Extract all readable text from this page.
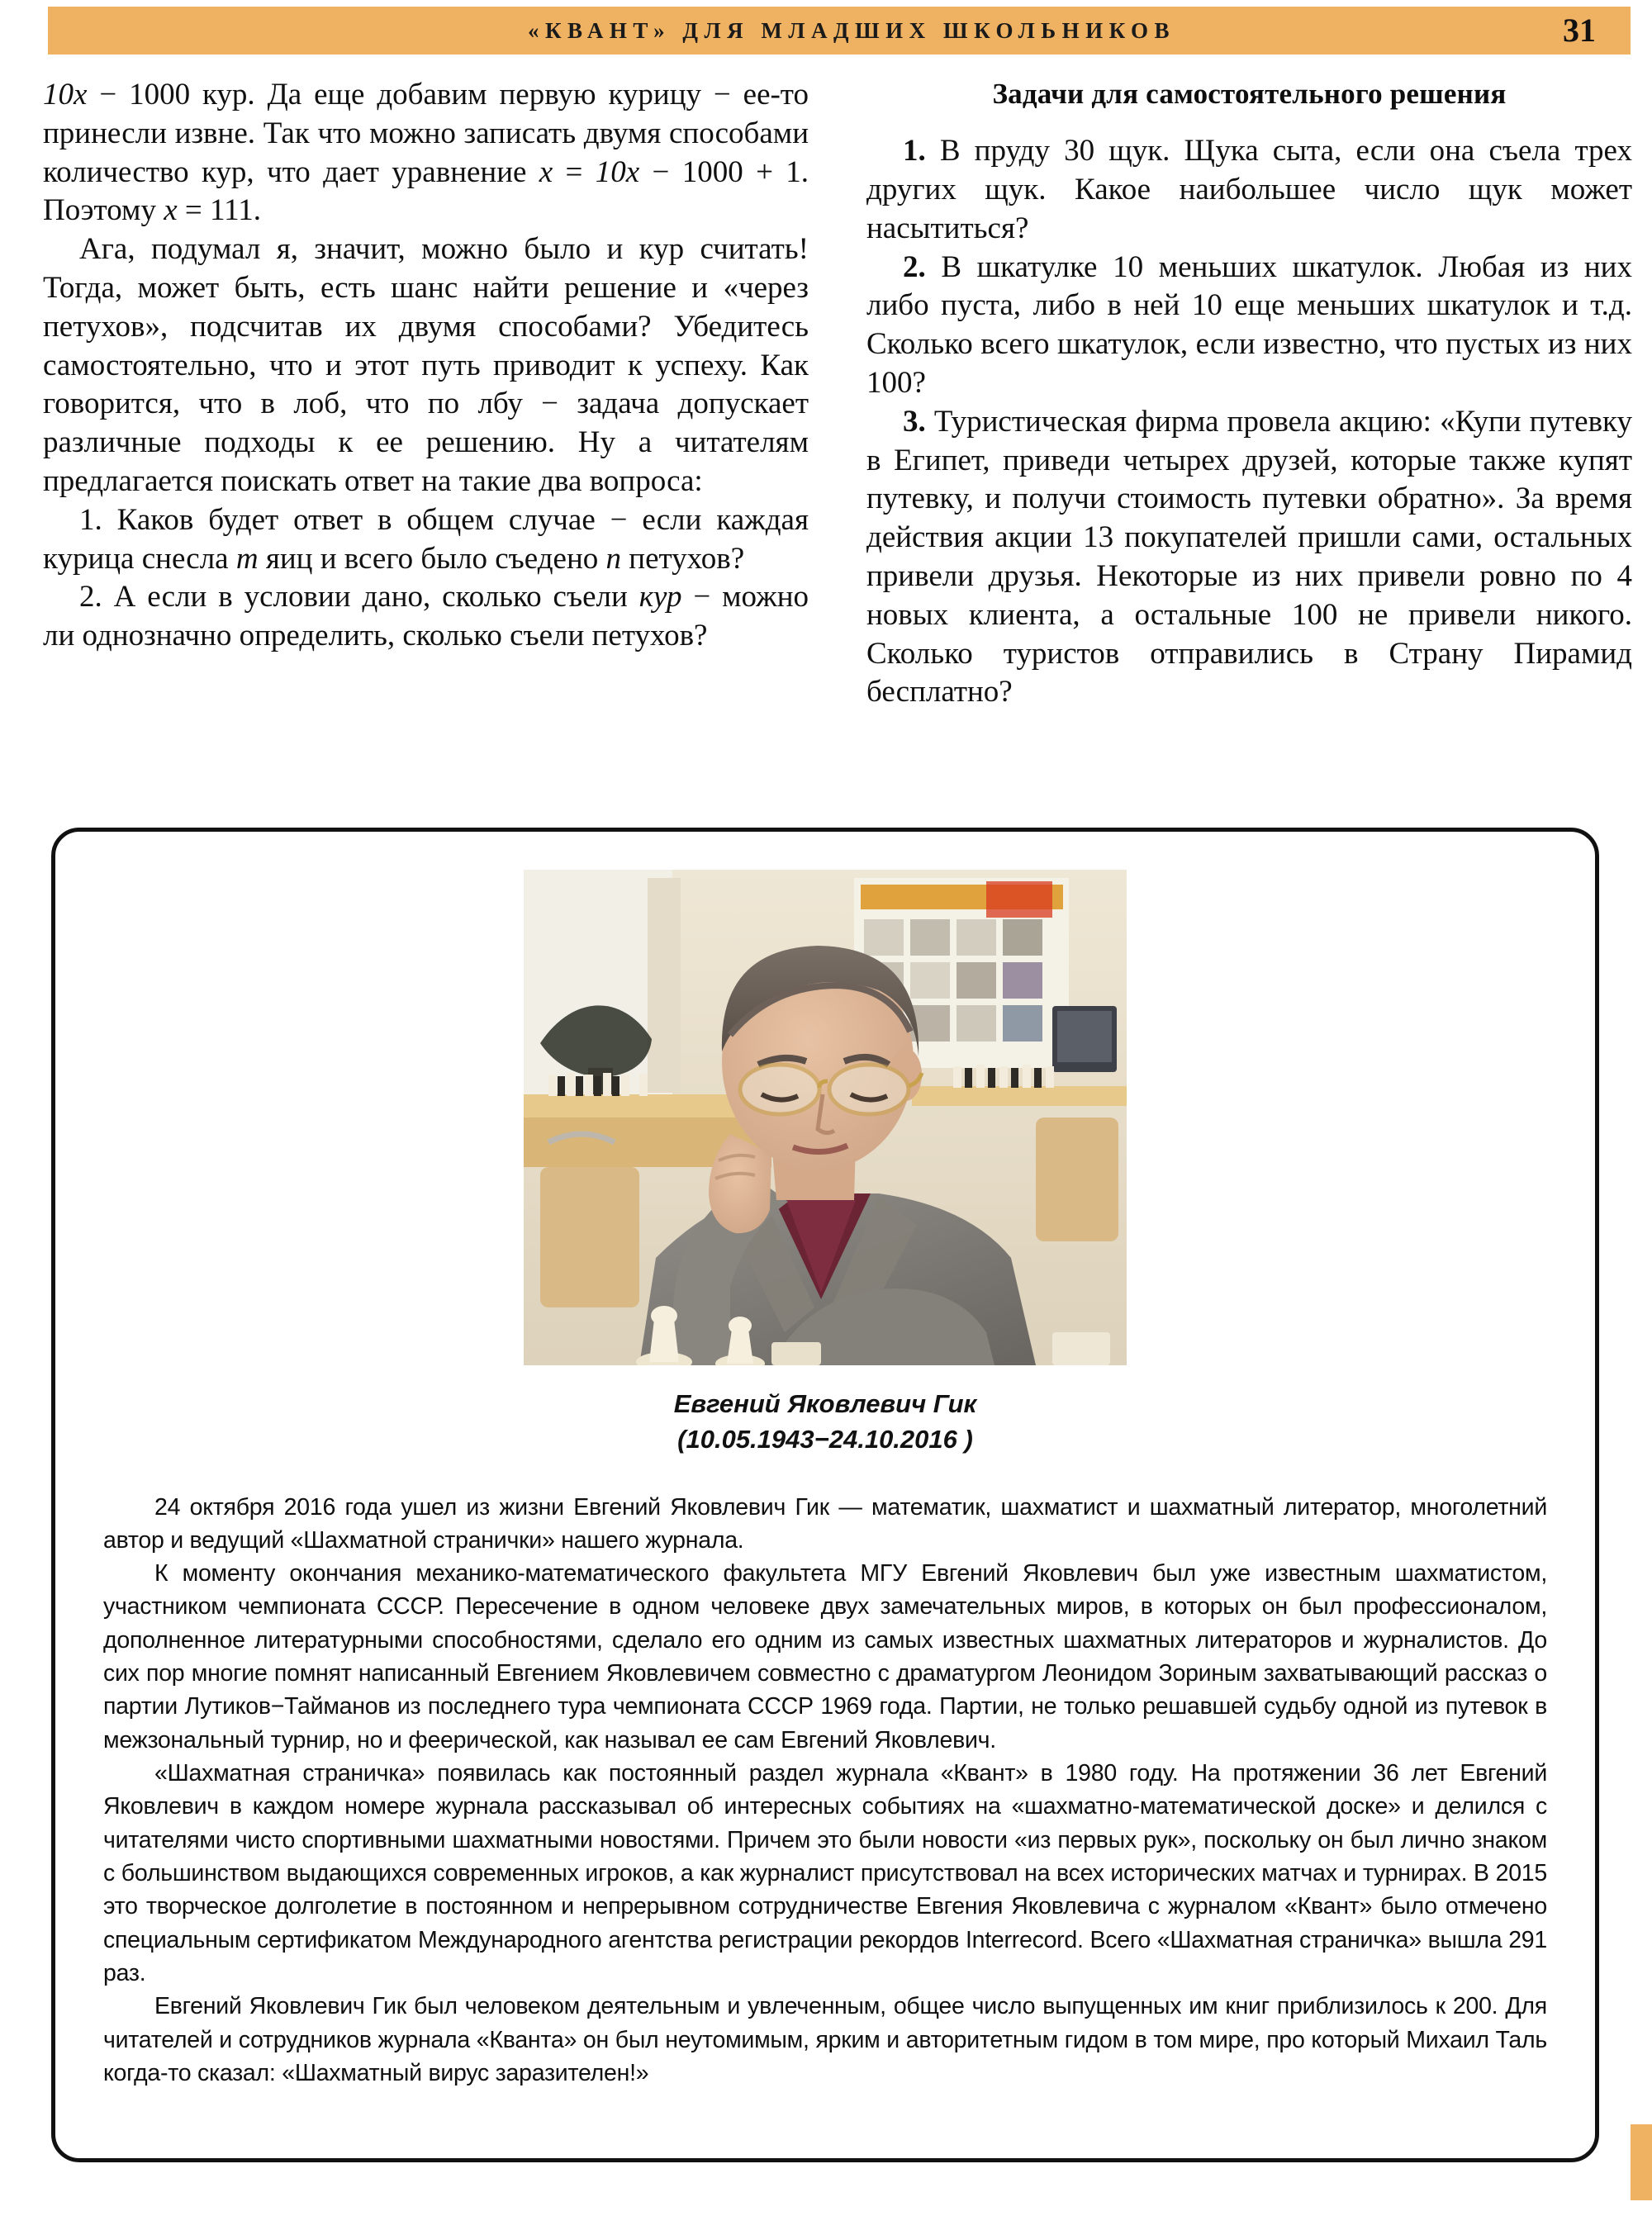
«КВАНТ» ДЛЯ МЛАДШИХ ШКОЛЬНИКОВ	31

10x − 1000 кур. Да еще добавим первую курицу − ее-то принесли извне. Так что можно записать двумя способами количество кур, что дает уравнение x = 10x − 1000 + 1. Поэтому x = 111.

Ага, подумал я, значит, можно было и кур считать! Тогда, может быть, есть шанс найти решение и «через петухов», подсчитав их двумя способами? Убедитесь самостоятельно, что и этот путь приводит к успеху. Как говорится, что в лоб, что по лбу − задача допускает различные подходы к ее решению. Ну а читателям предлагается поискать ответ на такие два вопроса:

1. Каков будет ответ в общем случае − если каждая курица снесла m яиц и всего было съедено n петухов?

2. А если в условии дано, сколько съели кур − можно ли однозначно определить, сколько съели петухов?

Задачи для самостоятельного решения

1. В пруду 30 щук. Щука сыта, если она съела трех других щук. Какое наибольшее число щук может насытиться?

2. В шкатулке 10 меньших шкатулок. Любая из них либо пуста, либо в ней 10 еще меньших шкатулок и т.д. Сколько всего шкатулок, если известно, что пустых из них 100?

3. Туристическая фирма провела акцию: «Купи путевку в Египет, приведи четырех друзей, которые также купят путевку, и получи стоимость путевки обратно». За время действия акции 13 покупателей пришли сами, остальных привели друзья. Некоторые из них привели ровно по 4 новых клиента, а остальные 100 не привели никого. Сколько туристов отправились в Страну Пирамид бесплатно?

Евгений Яковлевич Гик
(10.05.1943−24.10.2016 )

24 октября 2016 года ушел из жизни Евгений Яковлевич Гик — математик, шахматист и шахматный литератор, многолетний автор и ведущий «Шахматной странички» нашего журнала.

К моменту окончания механико-математического факультета МГУ Евгений Яковлевич был уже известным шахматистом, участником чемпионата СССР. Пересечение в одном человеке двух замечательных миров, в которых он был профессионалом, дополненное литературными способностями, сделало его одним из самых известных шахматных литераторов и журналистов. До сих пор многие помнят написанный Евгением Яковлевичем совместно с драматургом Леонидом Зориным захватывающий рассказ о партии Лутиков−Тайманов из последнего тура чемпионата СССР 1969 года. Партии, не только решавшей судьбу одной из путевок в межзональный турнир, но и феерической, как называл ее сам Евгений Яковлевич.

«Шахматная страничка» появилась как постоянный раздел журнала «Квант» в 1980 году. На протяжении 36 лет Евгений Яковлевич в каждом номере журнала рассказывал об интересных событиях на «шахматно-математической доске» и делился с читателями чисто спортивными шахматными новостями. Причем это были новости «из первых рук», поскольку он был лично знаком с большинством выдающихся современных игроков, а как журналист присутствовал на всех исторических матчах и турнирах. В 2015 это творческое долголетие в постоянном и непрерывном сотрудничестве Евгения Яковлевича с журналом «Квант» было отмечено специальным сертификатом Международного агентства регистрации рекордов Interrecord. Всего «Шахматная страничка» вышла 291 раз.

Евгений Яковлевич Гик был человеком деятельным и увлеченным, общее число выпущенных им книг приблизилось к 200. Для читателей и сотрудников журнала «Кванта» он был неутомимым, ярким и авторитетным гидом в том мире, про который Михаил Таль когда-то сказал: «Шахматный вирус заразителен!»
